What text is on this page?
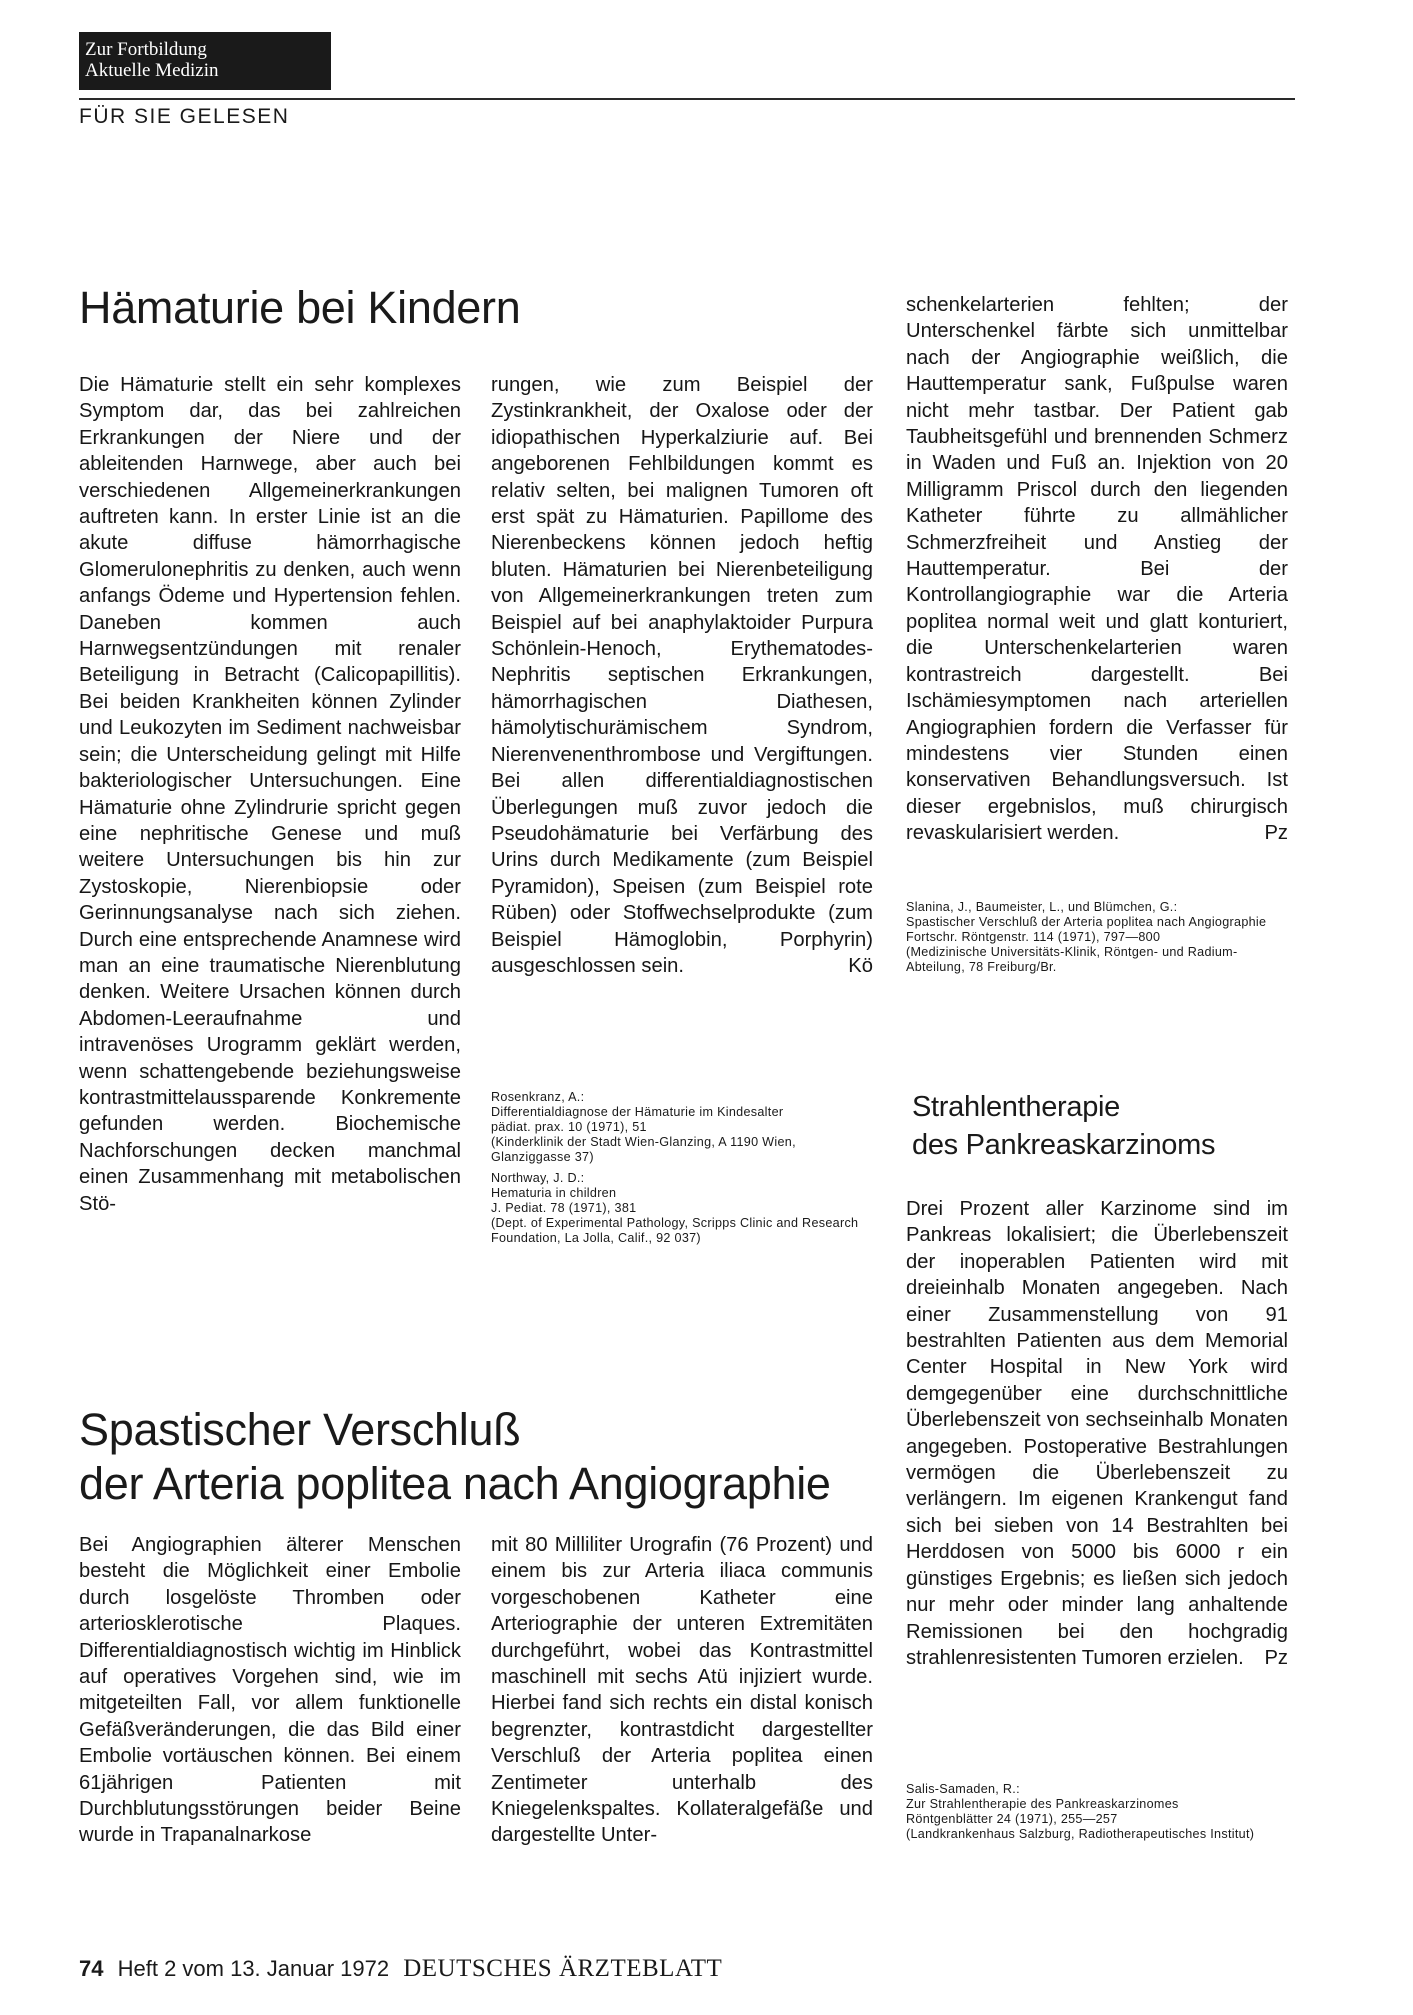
Zur Fortbildung
Aktuelle Medizin
FÜR SIE GELESEN
Hämaturie bei Kindern

Die Hämaturie stellt ein sehr komplexes Symptom dar, das bei zahlreichen Erkrankungen der Niere und der ableitenden Harnwege, aber auch bei verschiedenen Allgemeinerkrankungen auftreten kann. In erster Linie ist an die akute diffuse hämorrhagische Glomerulonephritis zu denken, auch wenn anfangs Ödeme und Hypertension fehlen. Daneben kommen auch Harnwegsentzündungen mit renaler Beteiligung in Betracht (Calicopapillitis). Bei beiden Krankheiten können Zylinder und Leukozyten im Sediment nachweisbar sein; die Unterscheidung gelingt mit Hilfe bakteriologischer Untersuchungen. Eine Hämaturie ohne Zylindrurie spricht gegen eine nephritische Genese und muß weitere Untersuchungen bis hin zur Zystoskopie, Nierenbiopsie oder Gerinnungsanalyse nach sich ziehen. Durch eine entsprechende Anamnese wird man an eine traumatische Nierenblutung denken. Weitere Ursachen können durch Abdomen-Leeraufnahme und intravenöses Urogramm geklärt werden, wenn schattengebende beziehungsweise kontrastmittelaussparende Konkremente gefunden werden. Biochemische Nachforschungen decken manchmal einen Zusammenhang mit metabolischen Stö-

rungen, wie zum Beispiel der Zystinkrankheit, der Oxalose oder der idiopathischen Hyperkalziurie auf. Bei angeborenen Fehlbildungen kommt es relativ selten, bei malignen Tumoren oft erst spät zu Hämaturien. Papillome des Nierenbeckens können jedoch heftig bluten. Hämaturien bei Nierenbeteiligung von Allgemeinerkrankungen treten zum Beispiel auf bei anaphylaktoider Purpura Schönlein-Henoch, Erythematodes-Nephritis septischen Erkrankungen, hämorrhagischen Diathesen, hämolytischurämischem Syndrom, Nierenvenenthrombose und Vergiftungen. Bei allen differentialdiagnostischen Überlegungen muß zuvor jedoch die Pseudohämaturie bei Verfärbung des Urins durch Medikamente (zum Beispiel Pyramidon), Speisen (zum Beispiel rote Rüben) oder Stoffwechselprodukte (zum Beispiel Hämoglobin, Porphyrin) ausgeschlossen sein.	Kö

Rosenkranz, A.:
Differentialdiagnose der Hämaturie im Kindesalter
pädiat. prax. 10 (1971), 51
(Kinderklinik der Stadt Wien-Glanzing, A 1190 Wien, Glanziggasse 37)

Northway, J. D.:
Hematuria in children
J. Pediat. 78 (1971), 381
(Dept. of Experimental Pathology, Scripps Clinic and Research Foundation, La Jolla, Calif., 92 037)

Spastischer Verschluß
der Arteria poplitea nach Angiographie

Bei Angiographien älterer Menschen besteht die Möglichkeit einer Embolie durch losgelöste Thromben oder arteriosklerotische Plaques. Differentialdiagnostisch wichtig im Hinblick auf operatives Vorgehen sind, wie im mitgeteilten Fall, vor allem funktionelle Gefäßveränderungen, die das Bild einer Embolie vortäuschen können. Bei einem 61jährigen Patienten mit Durchblutungsstörungen beider Beine wurde in Trapanalnarkose

mit 80 Milliliter Urografin (76 Prozent) und einem bis zur Arteria iliaca communis vorgeschobenen Katheter eine Arteriographie der unteren Extremitäten durchgeführt, wobei das Kontrastmittel maschinell mit sechs Atü injiziert wurde. Hierbei fand sich rechts ein distal konisch begrenzter, kontrastdicht dargestellter Verschluß der Arteria poplitea einen Zentimeter unterhalb des Kniegelenkspaltes. Kollateralgefäße und dargestellte Unter-

schenkelarterien fehlten; der Unterschenkel färbte sich unmittelbar nach der Angiographie weißlich, die Hauttemperatur sank, Fußpulse waren nicht mehr tastbar. Der Patient gab Taubheitsgefühl und brennenden Schmerz in Waden und Fuß an. Injektion von 20 Milligramm Priscol durch den liegenden Katheter führte zu allmählicher Schmerzfreiheit und Anstieg der Hauttemperatur. Bei der Kontrollangiographie war die Arteria poplitea normal weit und glatt konturiert, die Unterschenkelarterien waren kontrastreich dargestellt. Bei Ischämiesymptomen nach arteriellen Angiographien fordern die Verfasser für mindestens vier Stunden einen konservativen Behandlungsversuch. Ist dieser ergebnislos, muß chirurgisch revaskularisiert werden.	Pz

Slanina, J., Baumeister, L., und Blümchen, G.:
Spastischer Verschluß der Arteria poplitea nach Angiographie
Fortschr. Röntgenstr. 114 (1971), 797—800
(Medizinische Universitäts-Klinik, Röntgen- und Radium-Abteilung, 78 Freiburg/Br.

Strahlentherapie
des Pankreaskarzinoms
Drei Prozent aller Karzinome sind im Pankreas lokalisiert; die Überlebenszeit der inoperablen Patienten wird mit dreieinhalb Monaten angegeben. Nach einer Zusammenstellung von 91 bestrahlten Patienten aus dem Memorial Center Hospital in New York wird demgegenüber eine durchschnittliche Überlebenszeit von sechseinhalb Monaten angegeben. Postoperative Bestrahlungen vermögen die Überlebenszeit zu verlängern. Im eigenen Krankengut fand sich bei sieben von 14 Bestrahlten bei Herddosen von 5000 bis 6000 r ein günstiges Ergebnis; es ließen sich jedoch nur mehr oder minder lang anhaltende Remissionen bei den hochgradig strahlenresistenten Tumoren erzielen. Pz

Salis-Samaden, R.:
Zur Strahlentherapie des Pankreaskarzinomes
Röntgenblätter 24 (1971), 255—257
(Landkrankenhaus Salzburg, Radiotherapeutisches Institut)

74 Heft 2 vom 13. Januar 1972 DEUTSCHES ÄRZTEBLATT
